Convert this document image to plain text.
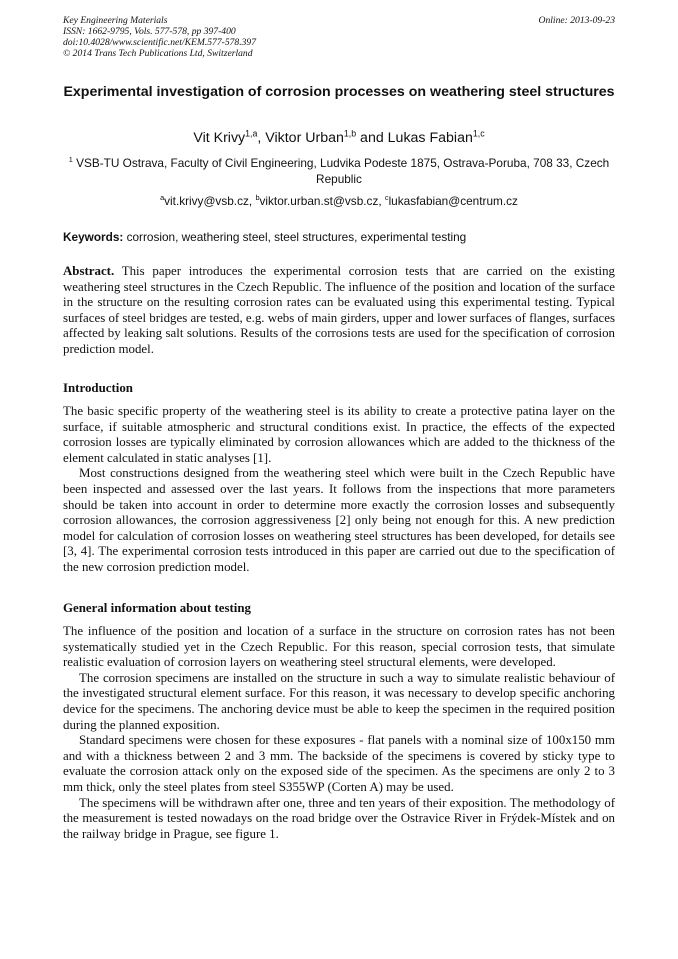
Key Engineering Materials
ISSN: 1662-9795, Vols. 577-578, pp 397-400
doi:10.4028/www.scientific.net/KEM.577-578.397
© 2014 Trans Tech Publications Ltd, Switzerland
Online: 2013-09-23
Experimental investigation of corrosion processes on weathering steel structures
Vit Krivy$^{1,a}$, Viktor Urban$^{1,b}$ and Lukas Fabian$^{1,c}$
$^1$ VSB-TU Ostrava, Faculty of Civil Engineering, Ludvika Podeste 1875, Ostrava-Poruba, 708 33, Czech Republic
$^a$vit.krivy@vsb.cz, $^b$viktor.urban.st@vsb.cz, $^c$lukasfabian@centrum.cz
Keywords: corrosion, weathering steel, steel structures, experimental testing

Abstract. This paper introduces the experimental corrosion tests that are carried on the existing weathering steel structures in the Czech Republic. The influence of the position and location of the surface in the structure on the resulting corrosion rates can be evaluated using this experimental testing. Typical surfaces of steel bridges are tested, e.g. webs of main girders, upper and lower surfaces of flanges, surfaces affected by leaking salt solutions. Results of the corrosions tests are used for the specification of corrosion prediction model.

Introduction

The basic specific property of the weathering steel is its ability to create a protective patina layer on the surface, if suitable atmospheric and structural conditions exist. In practice, the effects of the expected corrosion losses are typically eliminated by corrosion allowances which are added to the thickness of the element calculated in static analyses [1].

Most constructions designed from the weathering steel which were built in the Czech Republic have been inspected and assessed over the last years. It follows from the inspections that more parameters should be taken into account in order to determine more exactly the corrosion losses and subsequently corrosion allowances, the corrosion aggressiveness [2] only being not enough for this. A new prediction model for calculation of corrosion losses on weathering steel structures has been developed, for details see [3, 4]. The experimental corrosion tests introduced in this paper are carried out due to the specification of the new corrosion prediction model.

General information about testing

The influence of the position and location of a surface in the structure on corrosion rates has not been systematically studied yet in the Czech Republic. For this reason, special corrosion tests, that simulate realistic evaluation of corrosion layers on weathering steel structural elements, were developed.

The corrosion specimens are installed on the structure in such a way to simulate realistic behaviour of the investigated structural element surface. For this reason, it was necessary to develop specific anchoring device for the specimens. The anchoring device must be able to keep the specimen in the required position during the planned exposition.

Standard specimens were chosen for these exposures - flat panels with a nominal size of 100x150 mm and with a thickness between 2 and 3 mm. The backside of the specimens is covered by sticky type to evaluate the corrosion attack only on the exposed side of the specimen. As the specimens are only 2 to 3 mm thick, only the steel plates from steel S355WP (Corten A) may be used.

The specimens will be withdrawn after one, three and ten years of their exposition. The methodology of the measurement is tested nowadays on the road bridge over the Ostravice River in Frýdek-Místek and on the railway bridge in Prague, see figure 1.
